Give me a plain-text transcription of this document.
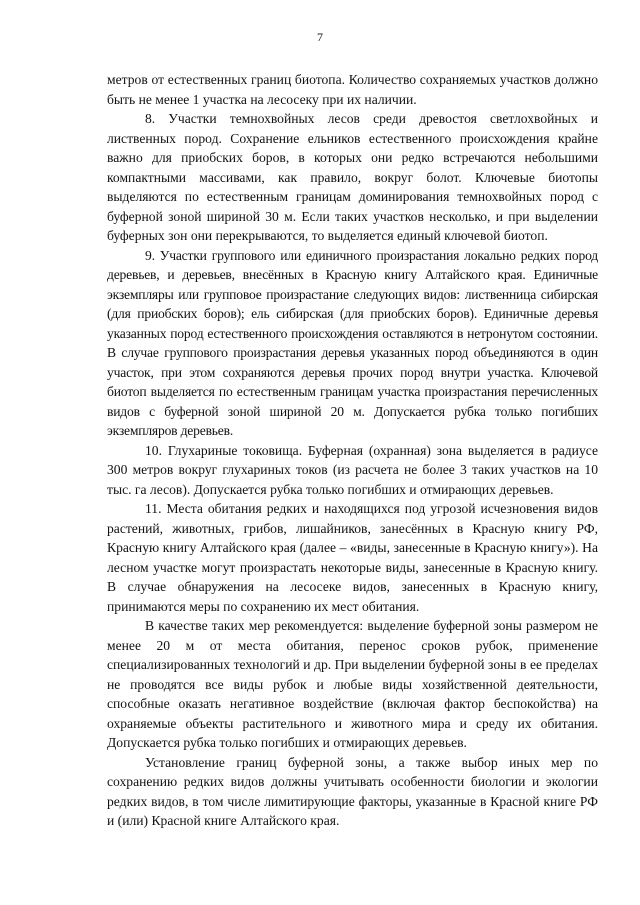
7

метров от естественных границ биотопа. Количество сохраняемых участков должно быть не менее 1 участка на лесосеку при их наличии.

8. Участки темнохвойных лесов среди древостоя светлохвойных и лиственных пород. Сохранение ельников естественного происхождения крайне важно для приобских боров, в которых они редко встречаются небольшими компактными массивами, как правило, вокруг болот. Ключевые биотопы выделяются по естественным границам доминирования темнохвойных пород с буферной зоной шириной 30 м. Если таких участков несколько, и при выделении буферных зон они перекрываются, то выделяется единый ключевой биотоп.

9. Участки группового или единичного произрастания локально редких пород деревьев, и деревьев, внесённых в Красную книгу Алтайского края. Единичные экземпляры или групповое произрастание следующих видов: лиственница сибирская (для приобских боров); ель сибирская (для приобских боров). Единичные деревья указанных пород естественного происхождения оставляются в нетронутом состоянии. В случае группового произрастания деревья указанных пород объединяются в один участок, при этом сохраняются деревья прочих пород внутри участка. Ключевой биотоп выделяется по естественным границам участка произрастания перечисленных видов с буферной зоной шириной 20 м. Допускается рубка только погибших экземпляров деревьев.

10. Глухариные токовища. Буферная (охранная) зона выделяется в радиусе 300 метров вокруг глухариных токов (из расчета не более 3 таких участков на 10 тыс. га лесов). Допускается рубка только погибших и отмирающих деревьев.

11. Места обитания редких и находящихся под угрозой исчезновения видов растений, животных, грибов, лишайников, занесённых в Красную книгу РФ, Красную книгу Алтайского края (далее – «виды, занесенные в Красную книгу»). На лесном участке могут произрастать некоторые виды, занесенные в Красную книгу. В случае обнаружения на лесосеке видов, занесенных в Красную книгу, принимаются меры по сохранению их мест обитания.

В качестве таких мер рекомендуется: выделение буферной зоны размером не менее 20 м от места обитания, перенос сроков рубок, применение специализированных технологий и др. При выделении буферной зоны в ее пределах не проводятся все виды рубок и любые виды хозяйственной деятельности, способные оказать негативное воздействие (включая фактор беспокойства) на охраняемые объекты растительного и животного мира и среду их обитания. Допускается рубка только погибших и отмирающих деревьев.

Установление границ буферной зоны, а также выбор иных мер по сохранению редких видов должны учитывать особенности биологии и экологии редких видов, в том числе лимитирующие факторы, указанные в Красной книге РФ и (или) Красной книге Алтайского края.
